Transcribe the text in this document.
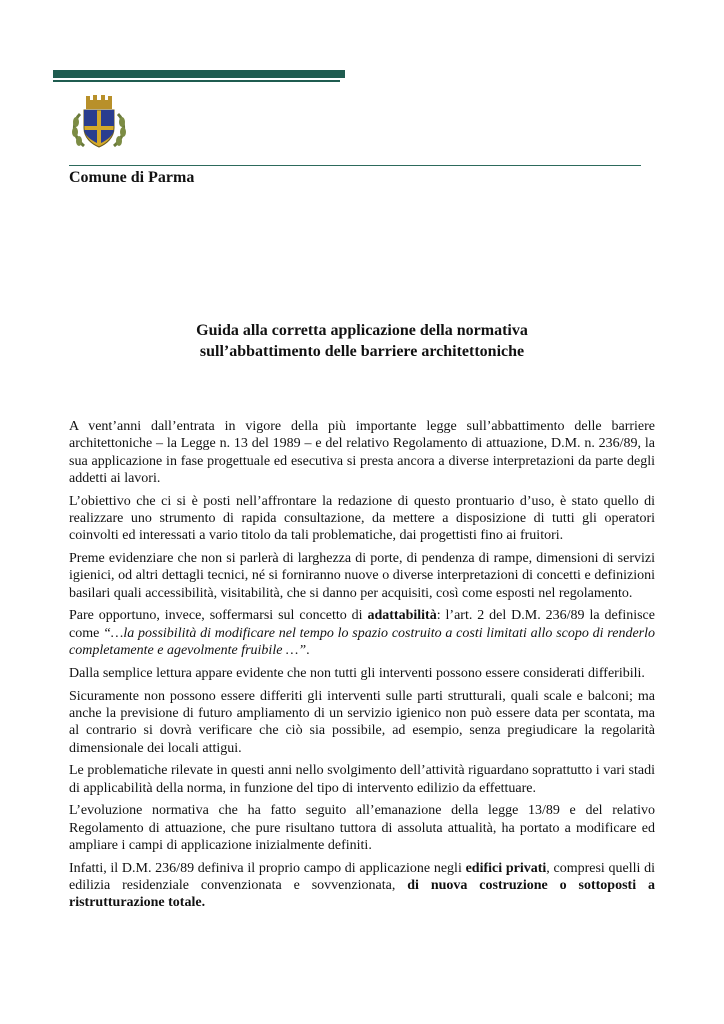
Comune di Parma
Guida alla corretta applicazione della normativa
sull’abbattimento delle barriere architettoniche

A vent’anni dall’entrata in vigore della più importante legge sull’abbattimento delle barriere architettoniche – la Legge n. 13 del 1989 – e del relativo Regolamento di attuazione, D.M. n. 236/89, la sua applicazione in fase progettuale ed esecutiva si presta ancora a diverse interpretazioni da parte degli addetti ai lavori.

L’obiettivo che ci si è posti nell’affrontare la redazione di questo prontuario d’uso, è stato quello di realizzare uno strumento di rapida consultazione, da mettere a disposizione di tutti gli operatori coinvolti ed interessati a vario titolo da tali problematiche, dai progettisti fino ai fruitori.

Preme evidenziare che non si parlerà di larghezza di porte, di pendenza di rampe, dimensioni di servizi igienici, od altri dettagli tecnici, né si forniranno nuove o diverse interpretazioni di concetti e definizioni basilari quali accessibilità, visitabilità, che si danno per acquisiti, così come esposti nel regolamento.

Pare opportuno, invece, soffermarsi sul concetto di adattabilità: l’art. 2 del D.M. 236/89 la definisce come “…la possibilità di modificare nel tempo lo spazio costruito a costi limitati allo scopo di renderlo completamente e agevolmente fruibile …”.

Dalla semplice lettura appare evidente che non tutti gli interventi possono essere considerati differibili.

Sicuramente non possono essere differiti gli interventi sulle parti strutturali, quali scale e balconi; ma anche la previsione di futuro ampliamento di un servizio igienico non può essere data per scontata, ma al contrario si dovrà verificare che ciò sia possibile, ad esempio, senza pregiudicare la regolarità dimensionale dei locali attigui.

Le problematiche rilevate in questi anni nello svolgimento dell’attività riguardano soprattutto i vari stadi di applicabilità della norma, in funzione del tipo di intervento edilizio da effettuare.

L’evoluzione normativa che ha fatto seguito all’emanazione della legge 13/89 e del relativo Regolamento di attuazione, che pure risultano tuttora di assoluta attualità, ha portato a modificare ed ampliare i campi di applicazione inizialmente definiti.

Infatti, il D.M. 236/89 definiva il proprio campo di applicazione negli edifici privati, compresi quelli di edilizia residenziale convenzionata e sovvenzionata, di nuova costruzione o sottoposti a ristrutturazione totale.
